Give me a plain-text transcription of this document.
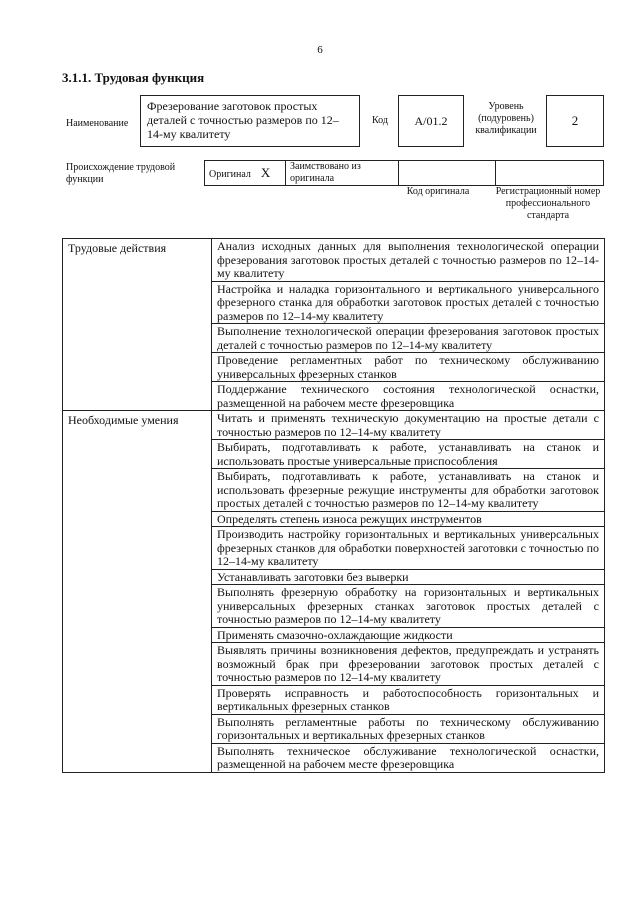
6
3.1.1. Трудовая функция
Наименование
Фрезерование заготовок простых деталей с точностью размеров по 12–14-му квалитету
Код	А/01.2
Уровень (подуровень) квалификации
2
Происхождение трудовой функции	Оригинал X	Заимствовано из оригинала		
Код оригинала	Регистрационный номер профессионального стандарта
Трудовые действия	Анализ исходных данных для выполнения технологической операции фрезерования заготовок простых деталей с точностью размеров по 12–14-му квалитету
	Настройка и наладка горизонтального и вертикального универсального фрезерного станка для обработки заготовок простых деталей с точностью размеров по 12–14-му квалитету
	Выполнение технологической операции фрезерования заготовок простых деталей с точностью размеров по 12–14-му квалитету
	Проведение регламентных работ по техническому обслуживанию универсальных фрезерных станков
	Поддержание технического состояния технологической оснастки, размещенной на рабочем месте фрезеровщика
Необходимые умения	Читать и применять техническую документацию на простые детали с точностью размеров по 12–14-му квалитету
	Выбирать, подготавливать к работе, устанавливать на станок и использовать простые универсальные приспособления
	Выбирать, подготавливать к работе, устанавливать на станок и использовать фрезерные режущие инструменты для обработки заготовок простых деталей с точностью размеров по 12–14-му квалитету
	Определять степень износа режущих инструментов
	Производить настройку горизонтальных и вертикальных универсальных фрезерных станков для обработки поверхностей заготовки с точностью по 12–14-му квалитету
	Устанавливать заготовки без выверки
	Выполнять фрезерную обработку на горизонтальных и вертикальных универсальных фрезерных станках заготовок простых деталей с точностью размеров по 12–14-му квалитету
	Применять смазочно-охлаждающие жидкости
	Выявлять причины возникновения дефектов, предупреждать и устранять возможный брак при фрезеровании заготовок простых деталей с точностью размеров по 12–14-му квалитету
	Проверять исправность и работоспособность горизонтальных и вертикальных фрезерных станков
	Выполнять регламентные работы по техническому обслуживанию горизонтальных и вертикальных фрезерных станков
	Выполнять техническое обслуживание технологической оснастки, размещенной на рабочем месте фрезеровщика
